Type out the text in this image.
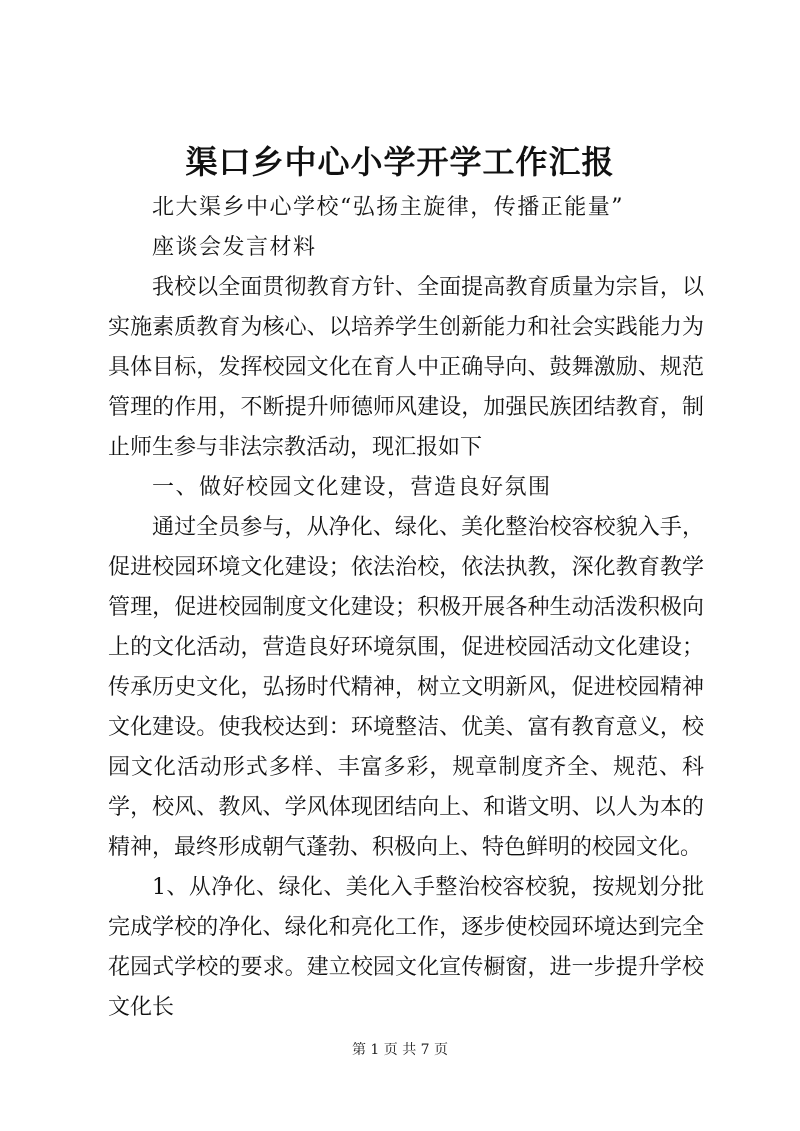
渠口乡中心小学开学工作汇报

北大渠乡中心学校“弘扬主旋律，传播正能量”

座谈会发言材料

我校以全面贯彻教育方针、全面提高教育质量为宗旨，以实施素质教育为核心、以培养学生创新能力和社会实践能力为具体目标，发挥校园文化在育人中正确导向、鼓舞激励、规范管理的作用，不断提升师德师风建设，加强民族团结教育，制止师生参与非法宗教活动，现汇报如下

一、做好校园文化建设，营造良好氛围

通过全员参与，从净化、绿化、美化整治校容校貌入手，促进校园环境文化建设；依法治校，依法执教，深化教育教学管理，促进校园制度文化建设；积极开展各种生动活泼积极向上的文化活动，营造良好环境氛围，促进校园活动文化建设；传承历史文化，弘扬时代精神，树立文明新风，促进校园精神文化建设。使我校达到：环境整洁、优美、富有教育意义，校园文化活动形式多样、丰富多彩，规章制度齐全、规范、科学，校风、教风、学风体现团结向上、和谐文明、以人为本的精神，最终形成朝气蓬勃、积极向上、特色鲜明的校园文化。

1、从净化、绿化、美化入手整治校容校貌，按规划分批完成学校的净化、绿化和亮化工作，逐步使校园环境达到完全花园式学校的要求。建立校园文化宣传橱窗，进一步提升学校文化长

第 1 页 共 7 页
